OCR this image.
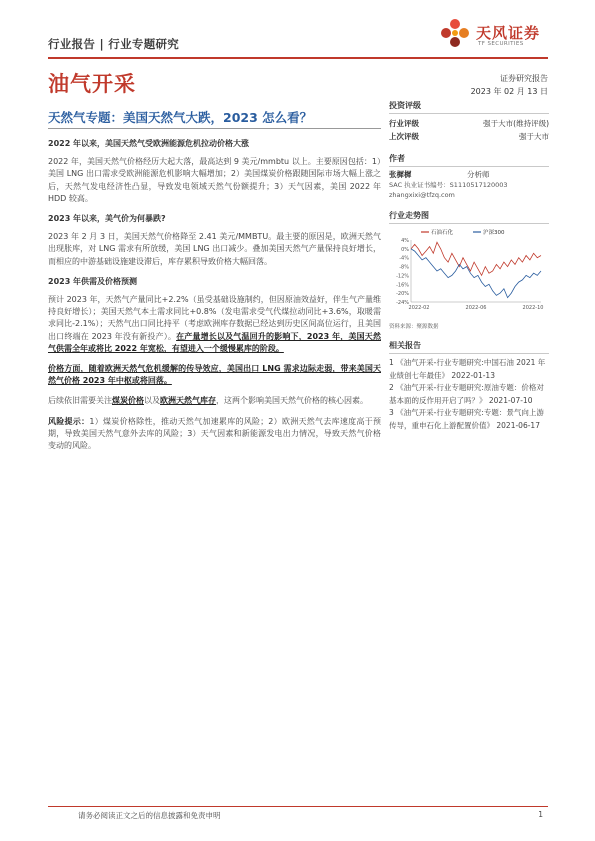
行业报告 | 行业专题研究
天风证券
TF SECURITIES
油气开采	证券研究报告
2023 年 02 月 13 日
天然气专题：美国天然气大跌，2023 怎么看？
2022 年以来，美国天然气受欧洲能源危机拉动价格大涨

2022 年，美国天然气价格经历大起大落，最高达到 9 美元/mmbtu 以上。主要原因包括：1）美国 LNG 出口需求受欧洲能源危机影响大幅增加；2）美国煤炭价格跟随国际市场大幅上涨之后，天然气发电经济性凸显，导致发电领域天然气份额提升；3）天气因素，美国 2022 年 HDD 较高。

2023 年以来，美气价为何暴跌?

2023 年 2 月 3 日，美国天然气价格降至 2.41 美元/MMBTU。最主要的原因是，欧洲天然气出现胀库，对 LNG 需求有所放缓，美国 LNG 出口减少。叠加美国天然气产量保持良好增长，而相应的中游基础设施建设滞后，库存累积导致价格大幅回落。

2023 年供需及价格预测

预计 2023 年，天然气产量同比+2.2%（虽受基础设施制约，但因原油效益好，伴生气产量维持良好增长）；美国天然气本土需求同比+0.8%（发电需求受气代煤拉动同比+3.6%，取暖需求同比-2.1%）；天然气出口同比持平（考虑欧洲库存数据已经达到历史区间高位运行，且美国出口终端在 2023 年没有新投产）。在产量增长以及气温回升的影响下，2023 年，美国天然气供需全年或将比 2022 年宽松，有望进入一个缓慢累库的阶段。

价格方面，随着欧洲天然气危机缓解的传导效应，美国出口 LNG 需求边际走弱，带来美国天然气价格 2023 年中枢或将回落。

后续依旧需要关注煤炭价格以及欧洲天然气库存，这两个影响美国天然气价格的核心因素。

风险提示：1）煤炭价格除性，推动天然气加速累库的风险；2）欧洲天然气去库速度高于预期，导致美国天然气意外去库的风险；3）天气因素和新能源发电出力情况，导致天然气价格变动的风险。

投资评级
行业评级	强于大市(维持评级)
上次评级	强于大市
作者
张樨樨	分析师
SAC 执业证书编号：S1110517120003
zhangxixi@tfzq.com
行业走势图
4%
0%
-4%
-8%
-12%
-16%
-20%
-24%
2022-02	2022-06	2022-10
石油石化	沪深300
资料来源：聚源数据
相关报告
1 《油气开采-行业专题研究:中国石油 2021 年业绩创七年最佳》 2022-01-13
2 《油气开采-行业专题研究:原油专题：价格对基本面的反作用开启了吗？》 2021-07-10
3 《油气开采-行业专题研究:专题：景气向上游传导，重申石化上游配置价值》 2021-06-17
请务必阅读正文之后的信息披露和免责申明	1
